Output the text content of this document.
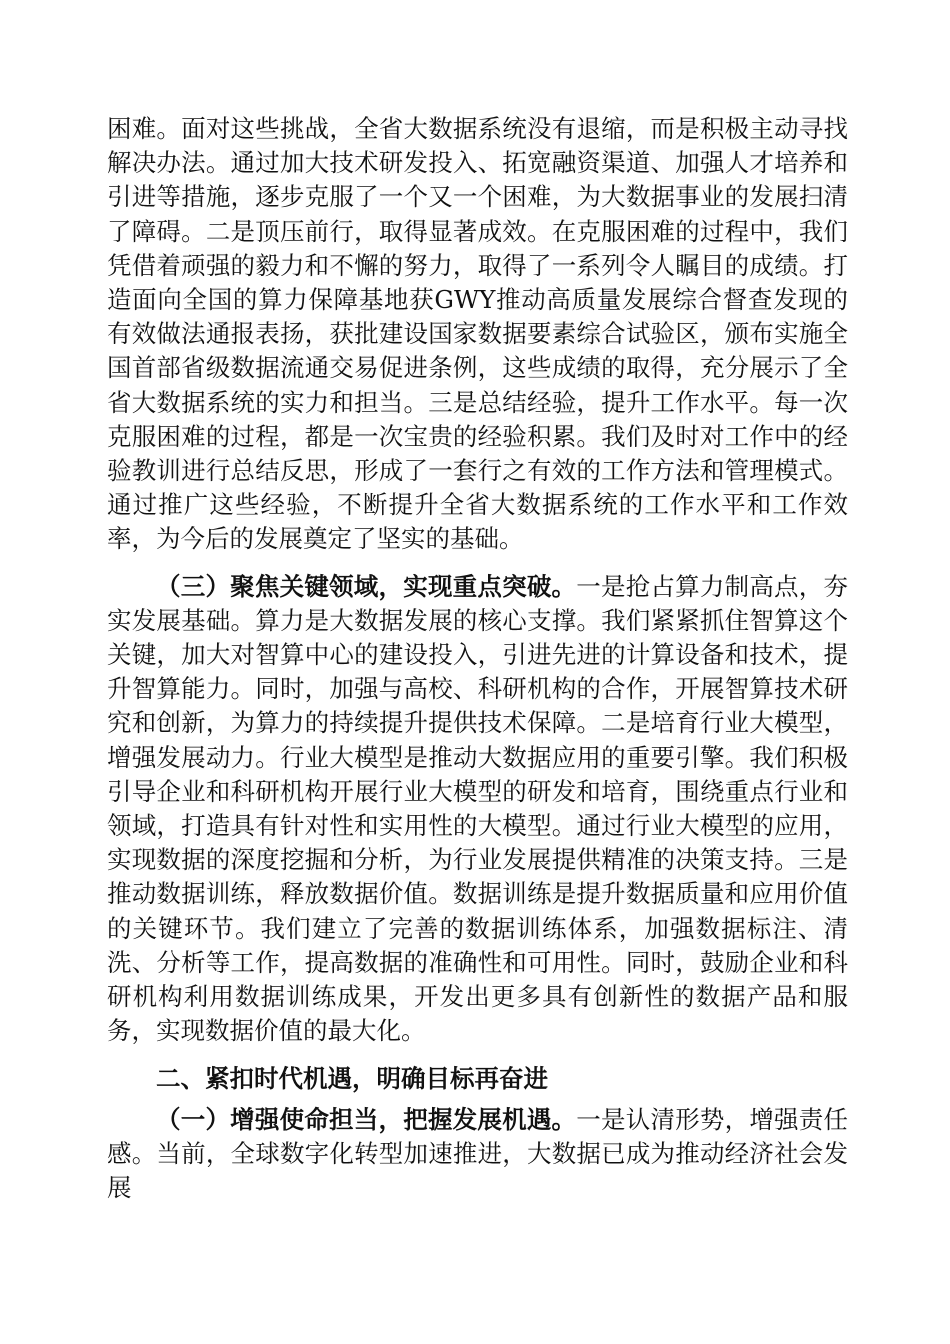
困难。面对这些挑战，全省大数据系统没有退缩，而是积极主动寻找解决办法。通过加大技术研发投入、拓宽融资渠道、加强人才培养和引进等措施，逐步克服了一个又一个困难，为大数据事业的发展扫清了障碍。二是顶压前行，取得显著成效。在克服困难的过程中，我们凭借着顽强的毅力和不懈的努力，取得了一系列令人瞩目的成绩。打造面向全国的算力保障基地获GWY推动高质量发展综合督查发现的有效做法通报表扬，获批建设国家数据要素综合试验区，颁布实施全国首部省级数据流通交易促进条例，这些成绩的取得，充分展示了全省大数据系统的实力和担当。三是总结经验，提升工作水平。每一次克服困难的过程，都是一次宝贵的经验积累。我们及时对工作中的经验教训进行总结反思，形成了一套行之有效的工作方法和管理模式。通过推广这些经验，不断提升全省大数据系统的工作水平和工作效率，为今后的发展奠定了坚实的基础。

（三）聚焦关键领域，实现重点突破。一是抢占算力制高点，夯实发展基础。算力是大数据发展的核心支撑。我们紧紧抓住智算这个关键，加大对智算中心的建设投入，引进先进的计算设备和技术，提升智算能力。同时，加强与高校、科研机构的合作，开展智算技术研究和创新，为算力的持续提升提供技术保障。二是培育行业大模型，增强发展动力。行业大模型是推动大数据应用的重要引擎。我们积极引导企业和科研机构开展行业大模型的研发和培育，围绕重点行业和领域，打造具有针对性和实用性的大模型。通过行业大模型的应用，实现数据的深度挖掘和分析，为行业发展提供精准的决策支持。三是推动数据训练，释放数据价值。数据训练是提升数据质量和应用价值的关键环节。我们建立了完善的数据训练体系，加强数据标注、清洗、分析等工作，提高数据的准确性和可用性。同时，鼓励企业和科研机构利用数据训练成果，开发出更多具有创新性的数据产品和服务，实现数据价值的最大化。

二、紧扣时代机遇，明确目标再奋进

（一）增强使命担当，把握发展机遇。一是认清形势，增强责任感。当前，全球数字化转型加速推进，大数据已成为推动经济社会发展
